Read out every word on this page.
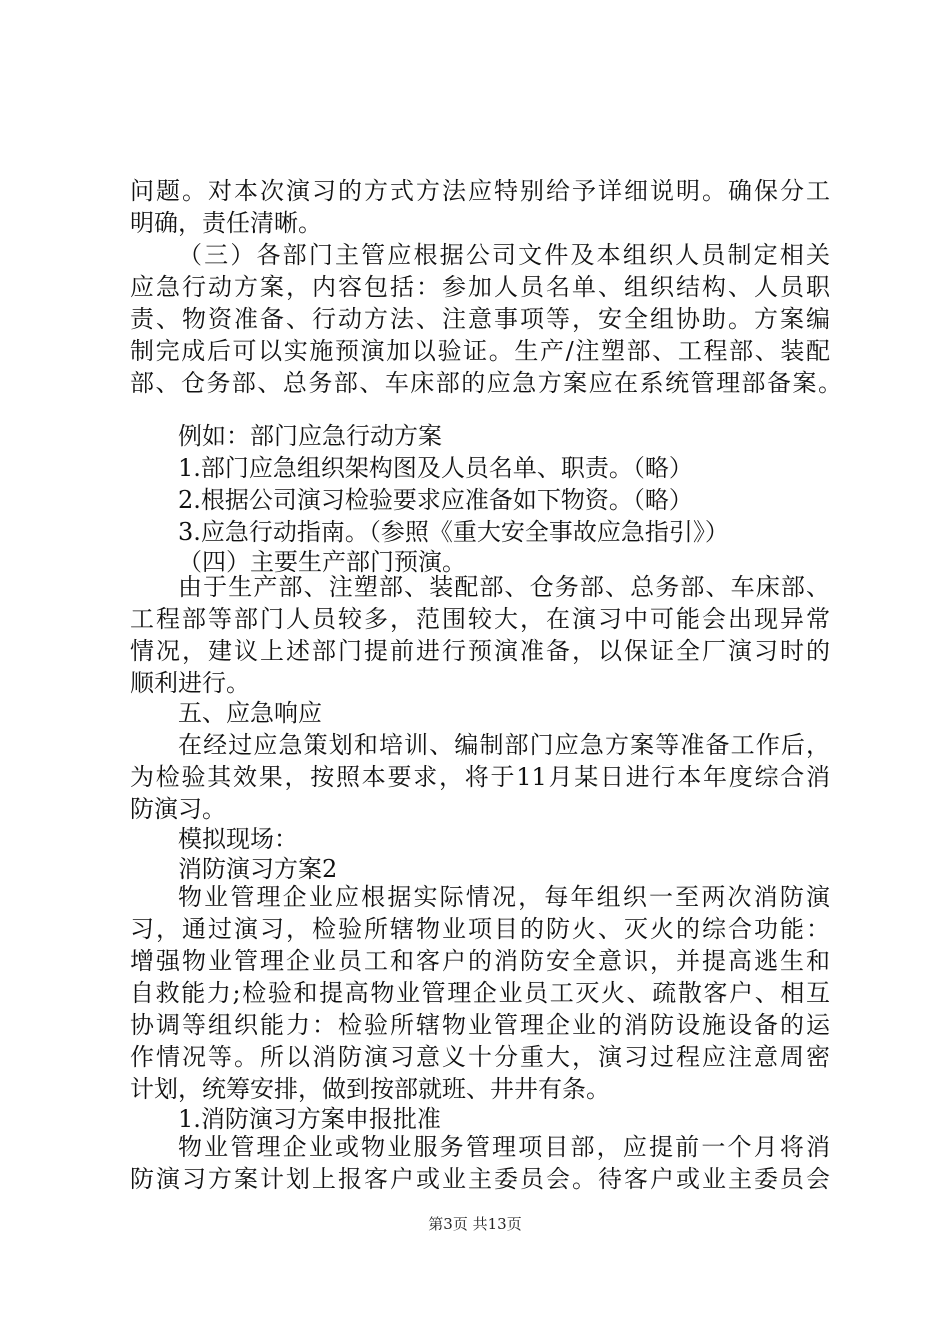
问题。对本次演习的方式方法应特别给予详细说明。确保分工
明确，责任清晰。
（三）各部门主管应根据公司文件及本组织人员制定相关
应急行动方案，内容包括：参加人员名单、组织结构、人员职
责、物资准备、行动方法、注意事项等，安全组协助。方案编
制完成后可以实施预演加以验证。生产/注塑部、工程部、装配
部、仓务部、总务部、车床部的应急方案应在系统管理部备案。
例如：部门应急行动方案
1.部门应急组织架构图及人员名单、职责。（略）
2.根据公司演习检验要求应准备如下物资。（略）
3.应急行动指南。（参照《重大安全事故应急指引》）
（四）主要生产部门预演。
由于生产部、注塑部、装配部、仓务部、总务部、车床部、
工程部等部门人员较多，范围较大，在演习中可能会出现异常
情况，建议上述部门提前进行预演准备，以保证全厂演习时的
顺利进行。
五、应急响应
在经过应急策划和培训、编制部门应急方案等准备工作后，
为检验其效果，按照本要求，将于11月某日进行本年度综合消
防演习。
模拟现场：
消防演习方案2
物业管理企业应根据实际情况，每年组织一至两次消防演
习，通过演习，检验所辖物业项目的防火、灭火的综合功能：
增强物业管理企业员工和客户的消防安全意识，并提高逃生和
自救能力;检验和提高物业管理企业员工灭火、疏散客户、相互
协调等组织能力：检验所辖物业管理企业的消防设施设备的运
作情况等。所以消防演习意义十分重大，演习过程应注意周密
计划，统筹安排，做到按部就班、井井有条。
1.消防演习方案申报批准
物业管理企业或物业服务管理项目部，应提前一个月将消
防演习方案计划上报客户或业主委员会。待客户或业主委员会
第3页 共13页
